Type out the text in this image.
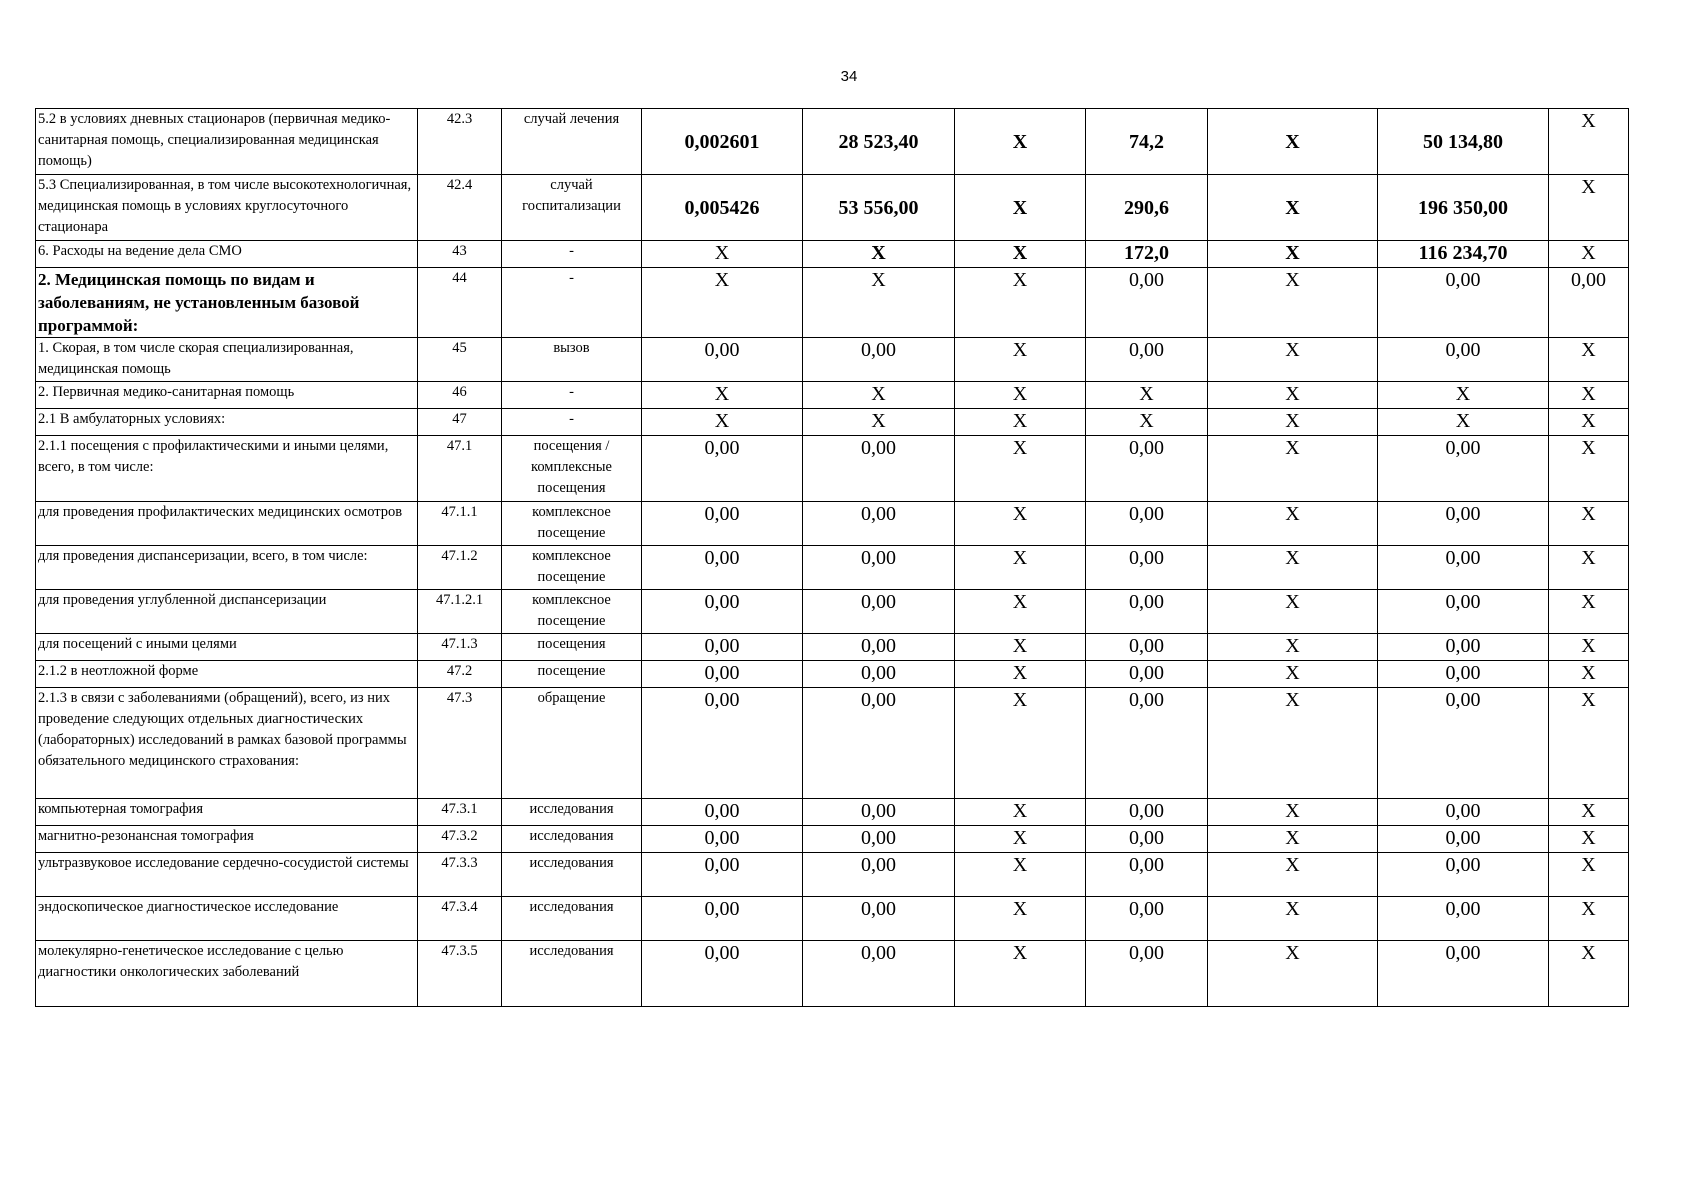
34
5.2 в условиях дневных стационаров (первичная медико-санитарная помощь, специализированная медицинская помощь)	42.3	случай лечения	0,002601	28 523,40	X	74,2	X	50 134,80	X
5.3 Специализированная, в том числе высокотехнологичная, медицинская помощь в условиях круглосуточного стационара	42.4	случай госпитализации	0,005426	53 556,00	X	290,6	X	196 350,00	X
6. Расходы на ведение дела СМО	43	-	X	X	X	172,0	X	116 234,70	X
2. Медицинская помощь по видам и заболеваниям, не установленным базовой программой:	44	-	X	X	X	0,00	X	0,00	0,00
1. Скорая, в том числе скорая специализированная, медицинская помощь	45	вызов	0,00	0,00	X	0,00	X	0,00	X
2. Первичная медико-санитарная помощь	46	-	X	X	X	X	X	X	X
2.1 В амбулаторных условиях:	47	-	X	X	X	X	X	X	X
2.1.1 посещения с профилактическими и иными целями, всего, в том числе:	47.1	посещения / комплексные посещения	0,00	0,00	X	0,00	X	0,00	X
для проведения профилактических медицинских осмотров	47.1.1	комплексное посещение	0,00	0,00	X	0,00	X	0,00	X
для проведения диспансеризации, всего, в том числе:	47.1.2	комплексное посещение	0,00	0,00	X	0,00	X	0,00	X
для проведения углубленной диспансеризации	47.1.2.1	комплексное посещение	0,00	0,00	X	0,00	X	0,00	X
для посещений с иными целями	47.1.3	посещения	0,00	0,00	X	0,00	X	0,00	X
2.1.2 в неотложной форме	47.2	посещение	0,00	0,00	X	0,00	X	0,00	X
2.1.3 в связи с заболеваниями (обращений), всего, из них проведение следующих отдельных диагностических (лабораторных) исследований в рамках базовой программы обязательного медицинского страхования:	47.3	обращение	0,00	0,00	X	0,00	X	0,00	X
компьютерная томография	47.3.1	исследования	0,00	0,00	X	0,00	X	0,00	X
магнитно-резонансная томография	47.3.2	исследования	0,00	0,00	X	0,00	X	0,00	X
ультразвуковое исследование сердечно-сосудистой системы	47.3.3	исследования	0,00	0,00	X	0,00	X	0,00	X
эндоскопическое диагностическое исследование	47.3.4	исследования	0,00	0,00	X	0,00	X	0,00	X
молекулярно-генетическое исследование с целью диагностики онкологических заболеваний	47.3.5	исследования	0,00	0,00	X	0,00	X	0,00	X
